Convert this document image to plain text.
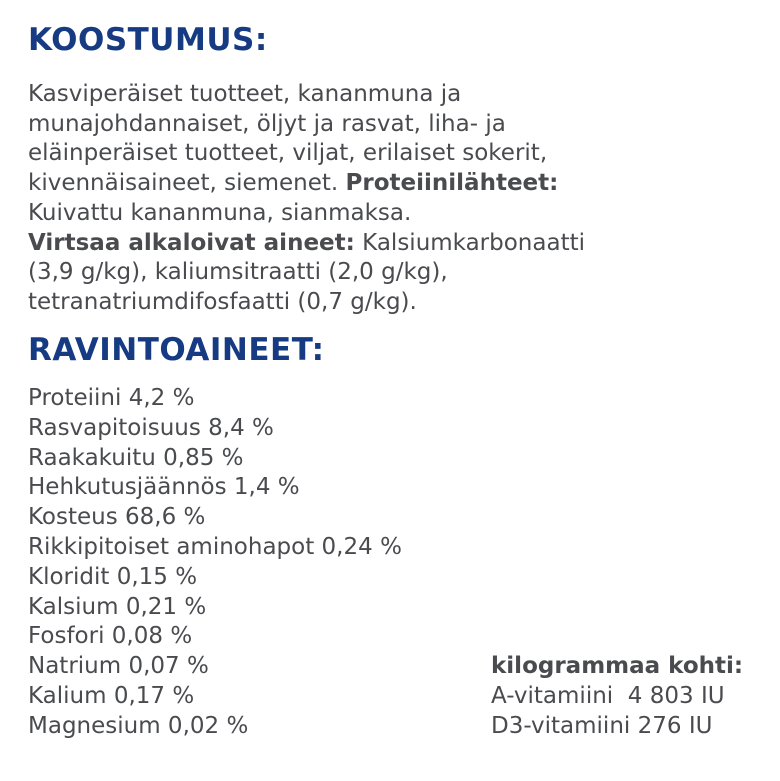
KOOSTUMUS:
Kasviperäiset tuotteet, kananmuna ja
munajohdannaiset, öljyt ja rasvat, liha- ja
eläinperäiset tuotteet, viljat, erilaiset sokerit,
kivennäisaineet, siemenet. Proteiinilähteet:
Kuivattu kananmuna, sianmaksa.
Virtsaa alkaloivat aineet: Kalsiumkarbonaatti
(3,9 g/kg), kaliumsitraatti (2,0 g/kg),
tetranatriumdifosfaatti (0,7 g/kg).
RAVINTOAINEET:
Proteiini 4,2 %
Rasvapitoisuus 8,4 %
Raakakuitu 0,85 %
Hehkutusjäännös 1,4 %
Kosteus 68,6 %
Rikkipitoiset aminohapot 0,24 %
Kloridit 0,15 %
Kalsium 0,21 %
Fosfori 0,08 %
Natrium 0,07 %
Kalium 0,17 %
Magnesium 0,02 %
kilogrammaa kohti:
A-vitamiini  4 803 IU
D3-vitamiini 276 IU
